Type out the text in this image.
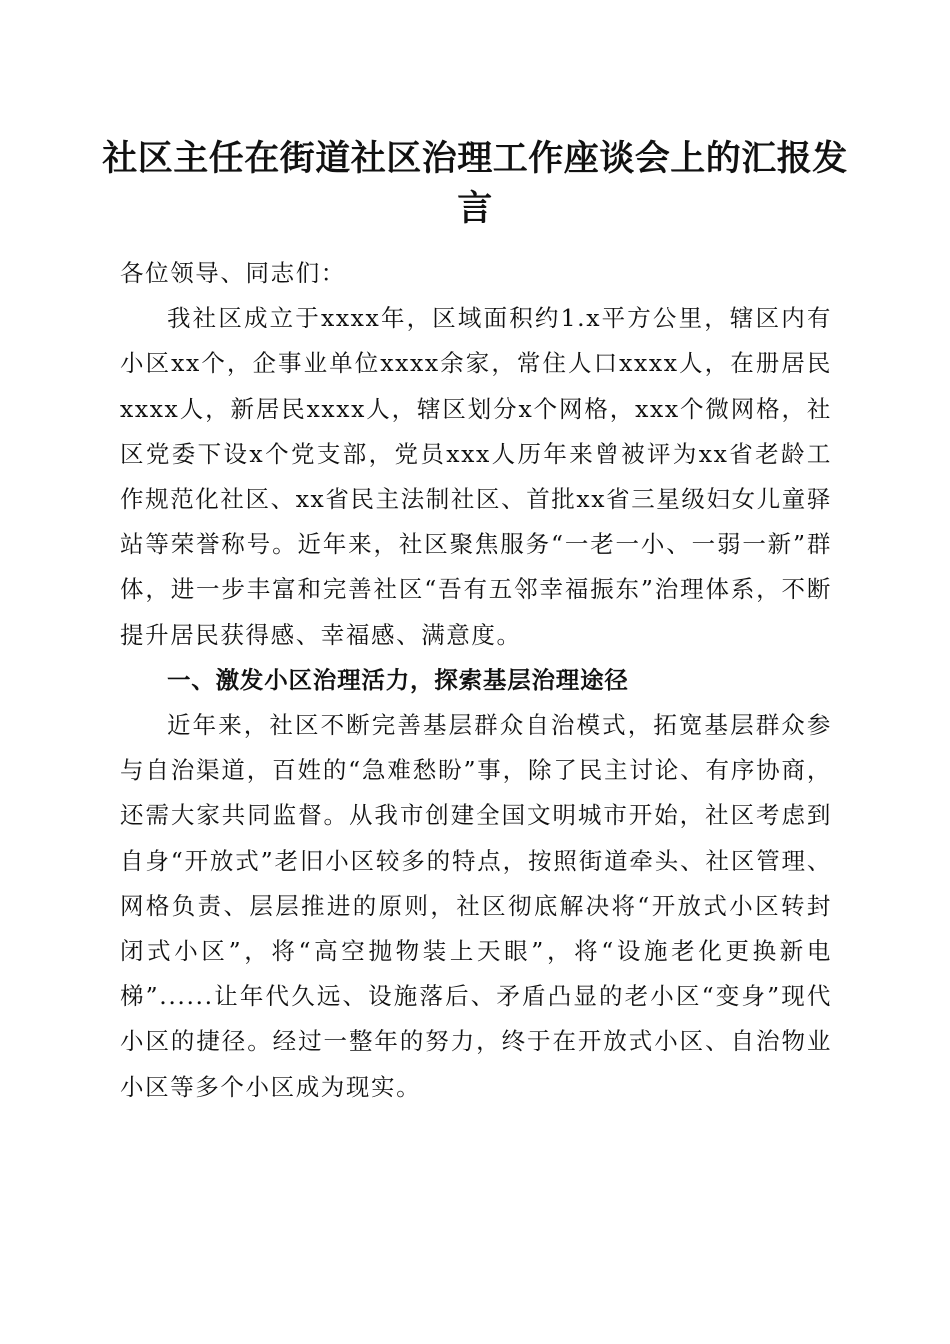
社区主任在街道社区治理工作座谈会上的汇报发言

各位领导、同志们：

我社区成立于xxxx年，区域面积约1.x平方公里，辖区内有小区xx个，企事业单位xxxx余家，常住人口xxxx人，在册居民xxxx人，新居民xxxx人，辖区划分x个网格，xxx个微网格，社区党委下设x个党支部，党员xxx人历年来曾被评为xx省老龄工作规范化社区、xx省民主法制社区、首批xx省三星级妇女儿童驿站等荣誉称号。近年来，社区聚焦服务“一老一小、一弱一新”群体，进一步丰富和完善社区“吾有五邻幸福振东”治理体系，不断提升居民获得感、幸福感、满意度。

一、激发小区治理活力，探索基层治理途径

近年来，社区不断完善基层群众自治模式，拓宽基层群众参与自治渠道，百姓的“急难愁盼”事，除了民主讨论、有序协商，还需大家共同监督。从我市创建全国文明城市开始，社区考虑到自身“开放式”老旧小区较多的特点，按照街道牵头、社区管理、网格负责、层层推进的原则，社区彻底解决将“开放式小区转封闭式小区”，将“高空抛物装上天眼”，将“设施老化更换新电梯”......让年代久远、设施落后、矛盾凸显的老小区“变身”现代小区的捷径。经过一整年的努力，终于在开放式小区、自治物业小区等多个小区成为现实。
